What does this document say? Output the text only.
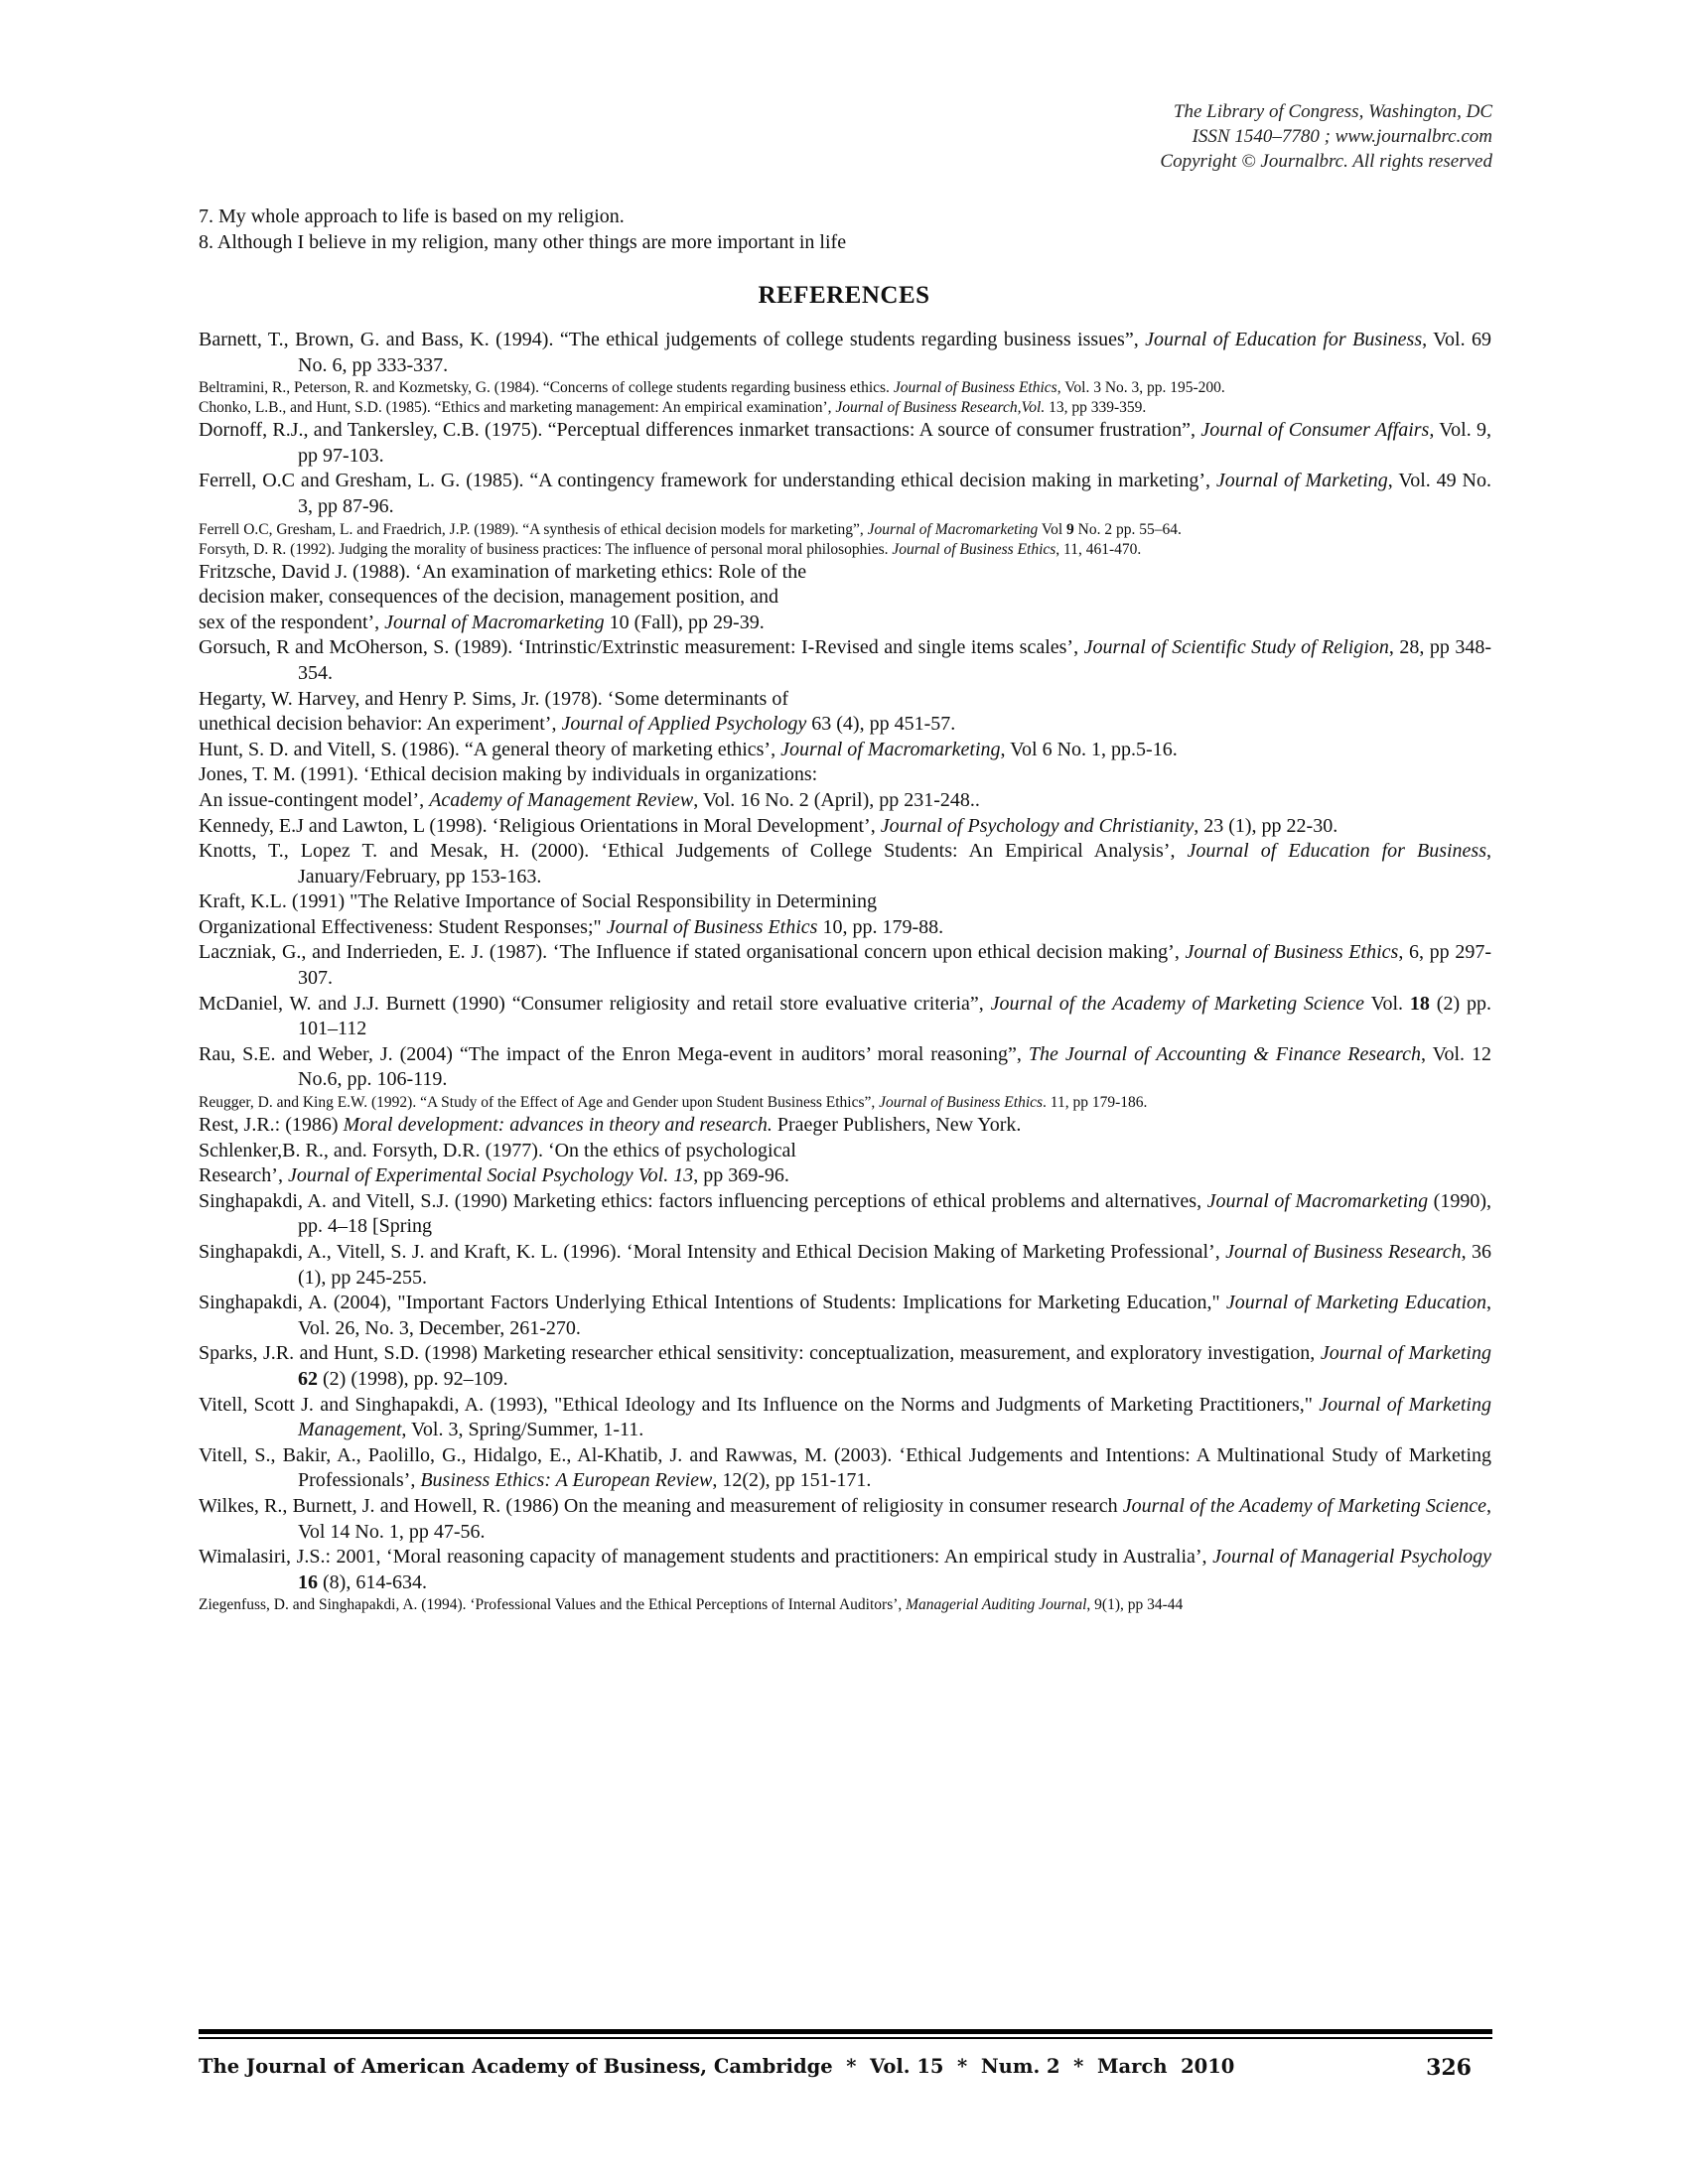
The Library of Congress, Washington, DC
ISSN 1540–7780 ; www.journalbrc.com
Copyright © Journalbrc. All rights reserved
7. My whole approach to life is based on my religion.
8. Although I believe in my religion, many other things are more important in life
REFERENCES

Barnett, T., Brown, G. and Bass, K. (1994). “The ethical judgements of college students regarding business issues”, Journal of Education for Business, Vol. 69 No. 6, pp 333-337.

Beltramini, R., Peterson, R. and Kozmetsky, G. (1984). “Concerns of college students regarding business ethics. Journal of Business Ethics, Vol. 3 No. 3, pp. 195-200.

Chonko, L.B., and Hunt, S.D. (1985). “Ethics and marketing management: An empirical examination’, Journal of Business Research,Vol. 13, pp 339-359.

Dornoff, R.J., and Tankersley, C.B. (1975). “Perceptual differences inmarket transactions: A source of consumer frustration”, Journal of Consumer Affairs, Vol. 9, pp 97-103.

Ferrell, O.C and Gresham, L. G. (1985). “A contingency framework for understanding ethical decision making in marketing’, Journal of Marketing, Vol. 49 No. 3, pp 87-96.

Ferrell O.C, Gresham, L. and Fraedrich, J.P. (1989). “A synthesis of ethical decision models for marketing”, Journal of Macromarketing Vol 9 No. 2 pp. 55–64.

Forsyth, D. R. (1992). Judging the morality of business practices: The influence of personal moral philosophies. Journal of Business Ethics, 11, 461-470.

Fritzsche, David J. (1988). ‘An examination of marketing ethics: Role of the

decision maker, consequences of the decision, management position, and

sex of the respondent’, Journal of Macromarketing 10 (Fall), pp 29-39.

Gorsuch, R and McOherson, S. (1989). ‘Intrinstic/Extrinstic measurement: I-Revised and single items scales’, Journal of Scientific Study of Religion, 28, pp 348-354.

Hegarty, W. Harvey, and Henry P. Sims, Jr. (1978). ‘Some determinants of

unethical decision behavior: An experiment’, Journal of Applied Psychology 63 (4), pp 451-57.

Hunt, S. D. and Vitell, S. (1986). “A general theory of marketing ethics’, Journal of Macromarketing, Vol 6 No. 1, pp.5-16.

Jones, T. M. (1991). ‘Ethical decision making by individuals in organizations:

An issue-contingent model’, Academy of Management Review, Vol. 16 No. 2 (April), pp 231-248..

Kennedy, E.J and Lawton, L (1998). ‘Religious Orientations in Moral Development’, Journal of Psychology and Christianity, 23 (1), pp 22-30.

Knotts, T., Lopez T. and Mesak, H. (2000). ‘Ethical Judgements of College Students: An Empirical Analysis’, Journal of Education for Business, January/February, pp 153-163.

Kraft, K.L. (1991) "The Relative Importance of Social Responsibility in Determining

Organizational Effectiveness: Student Responses;" Journal of Business Ethics 10, pp. 179-88.

Laczniak, G., and Inderrieden, E. J. (1987). ‘The Influence if stated organisational concern upon ethical decision making’, Journal of Business Ethics, 6, pp 297-307.

McDaniel, W. and J.J. Burnett (1990) “Consumer religiosity and retail store evaluative criteria”, Journal of the Academy of Marketing Science Vol. 18 (2) pp. 101–112

Rau, S.E. and Weber, J. (2004) “The impact of the Enron Mega-event in auditors’ moral reasoning”, The Journal of Accounting & Finance Research, Vol. 12 No.6, pp. 106-119.

Reugger, D. and King E.W. (1992). “A Study of the Effect of Age and Gender upon Student Business Ethics”, Journal of Business Ethics. 11, pp 179-186.

Rest, J.R.: (1986) Moral development: advances in theory and research. Praeger Publishers, New York.

Schlenker,B. R., and. Forsyth, D.R. (1977). ‘On the ethics of psychological

Research’, Journal of Experimental Social Psychology Vol. 13, pp 369-96.

Singhapakdi, A. and Vitell, S.J. (1990) Marketing ethics: factors influencing perceptions of ethical problems and alternatives, Journal of Macromarketing (1990), pp. 4–18 [Spring

Singhapakdi, A., Vitell, S. J. and Kraft, K. L. (1996). ‘Moral Intensity and Ethical Decision Making of Marketing Professional’, Journal of Business Research, 36 (1), pp 245-255.

Singhapakdi, A. (2004), "Important Factors Underlying Ethical Intentions of Students: Implications for Marketing Education," Journal of Marketing Education, Vol. 26, No. 3, December, 261-270.

Sparks, J.R. and Hunt, S.D. (1998) Marketing researcher ethical sensitivity: conceptualization, measurement, and exploratory investigation, Journal of Marketing 62 (2) (1998), pp. 92–109.

Vitell, Scott J. and Singhapakdi, A. (1993), "Ethical Ideology and Its Influence on the Norms and Judgments of Marketing Practitioners," Journal of Marketing Management, Vol. 3, Spring/Summer, 1-11.

Vitell, S., Bakir, A., Paolillo, G., Hidalgo, E., Al-Khatib, J. and Rawwas, M. (2003). ‘Ethical Judgements and Intentions: A Multinational Study of Marketing Professionals’, Business Ethics: A European Review, 12(2), pp 151-171.

Wilkes, R., Burnett, J. and Howell, R. (1986) On the meaning and measurement of religiosity in consumer research Journal of the Academy of Marketing Science, Vol 14 No. 1, pp 47-56.

Wimalasiri, J.S.: 2001, ‘Moral reasoning capacity of management students and practitioners: An empirical study in Australia’, Journal of Managerial Psychology 16 (8), 614-634.

Ziegenfuss, D. and Singhapakdi, A. (1994). ‘Professional Values and the Ethical Perceptions of Internal Auditors’, Managerial Auditing Journal, 9(1), pp 34-44

The Journal of American Academy of Business, Cambridge  *  Vol. 15  *  Num. 2  *  March  2010	326
